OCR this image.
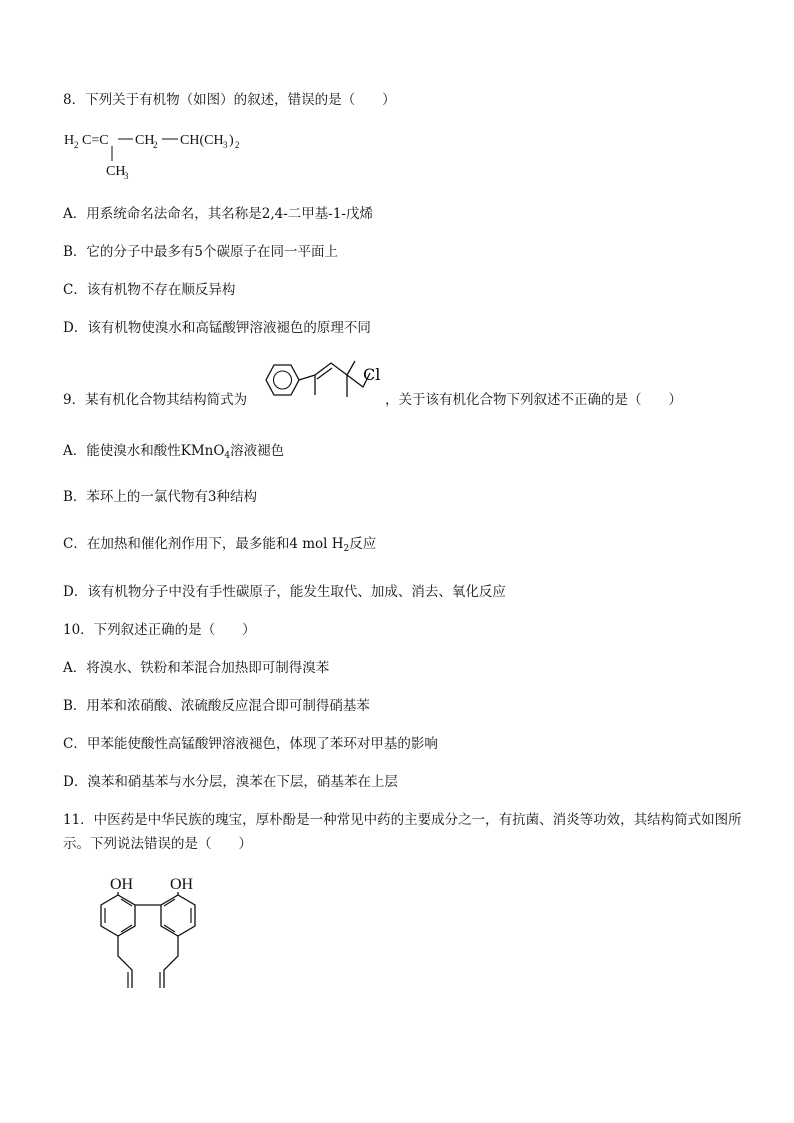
8．下列关于有机物（如图）的叙述，错误的是（　　）
H 2 C=C CH
2 CH(CH 3 ) 2
CH
3
A．用系统命名法命名，其名称是2,4-二甲基-1-戊烯
B．它的分子中最多有5个碳原子在同一平面上
C．该有机物不存在顺反异构
D．该有机物使溴水和高锰酸钾溶液褪色的原理不同
9．某有机化合物其结构简式为
Cl
，关于该有机化合物下列叙述不正确的是（　　）
A．能使溴水和酸性KMnO$_4$溶液褪色
B．苯环上的一氯代物有3种结构
C．在加热和催化剂作用下，最多能和4 mol $H_2$反应
D．该有机物分子中没有手性碳原子，能发生取代、加成、消去、氧化反应
10．下列叙述正确的是（　　）
A．将溴水、铁粉和苯混合加热即可制得溴苯
B．用苯和浓硝酸、浓硫酸反应混合即可制得硝基苯
C．甲苯能使酸性高锰酸钾溶液褪色，体现了苯环对甲基的影响
D．溴苯和硝基苯与水分层，溴苯在下层，硝基苯在上层
11．中医药是中华民族的瑰宝，厚朴酚是一种常见中药的主要成分之一，有抗菌、消炎等功效，其结构简式如图所示。下列说法错误的是（　　）
OH OH
